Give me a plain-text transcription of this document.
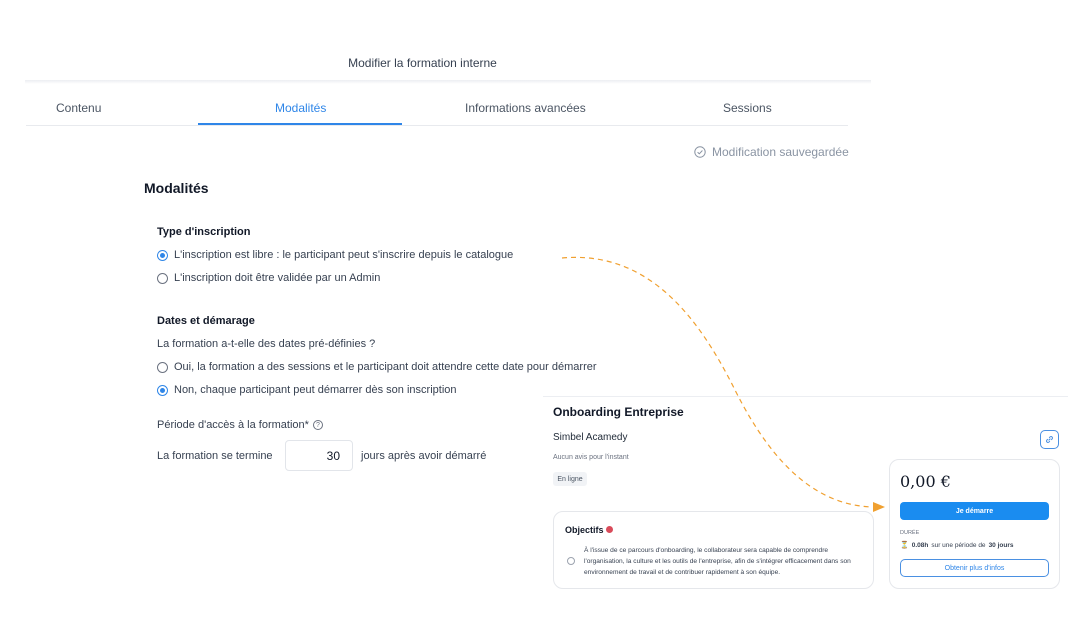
Modifier la formation interne
Contenu	Modalités	Informations avancées	Sessions
Modification sauvegardée
Modalités
Type d'inscription
L'inscription est libre : le participant peut s'inscrire depuis le catalogue
L'inscription doit être validée par un Admin
Dates et démarage
La formation a-t-elle des dates pré-définies ?
Oui, la formation a des sessions et le participant doit attendre cette date pour démarrer
Non, chaque participant peut démarrer dès son inscription
Période d'accès à la formation* ?
La formation se termine
30	jours après avoir démarré
Onboarding Entreprise
Simbel Acamedy
Aucun avis pour l'instant
En ligne
Objectifs
À l'issue de ce parcours d'onboarding, le collaborateur sera capable de comprendre l'organisation, la culture et les outils de l'entreprise, afin de s'intégrer efficacement dans son environnement de travail et de contribuer rapidement à son équipe.
0,00 €
Je démarre
DURÉE
⏳ 0.08h sur une période de 30 jours
Obtenir plus d'infos
